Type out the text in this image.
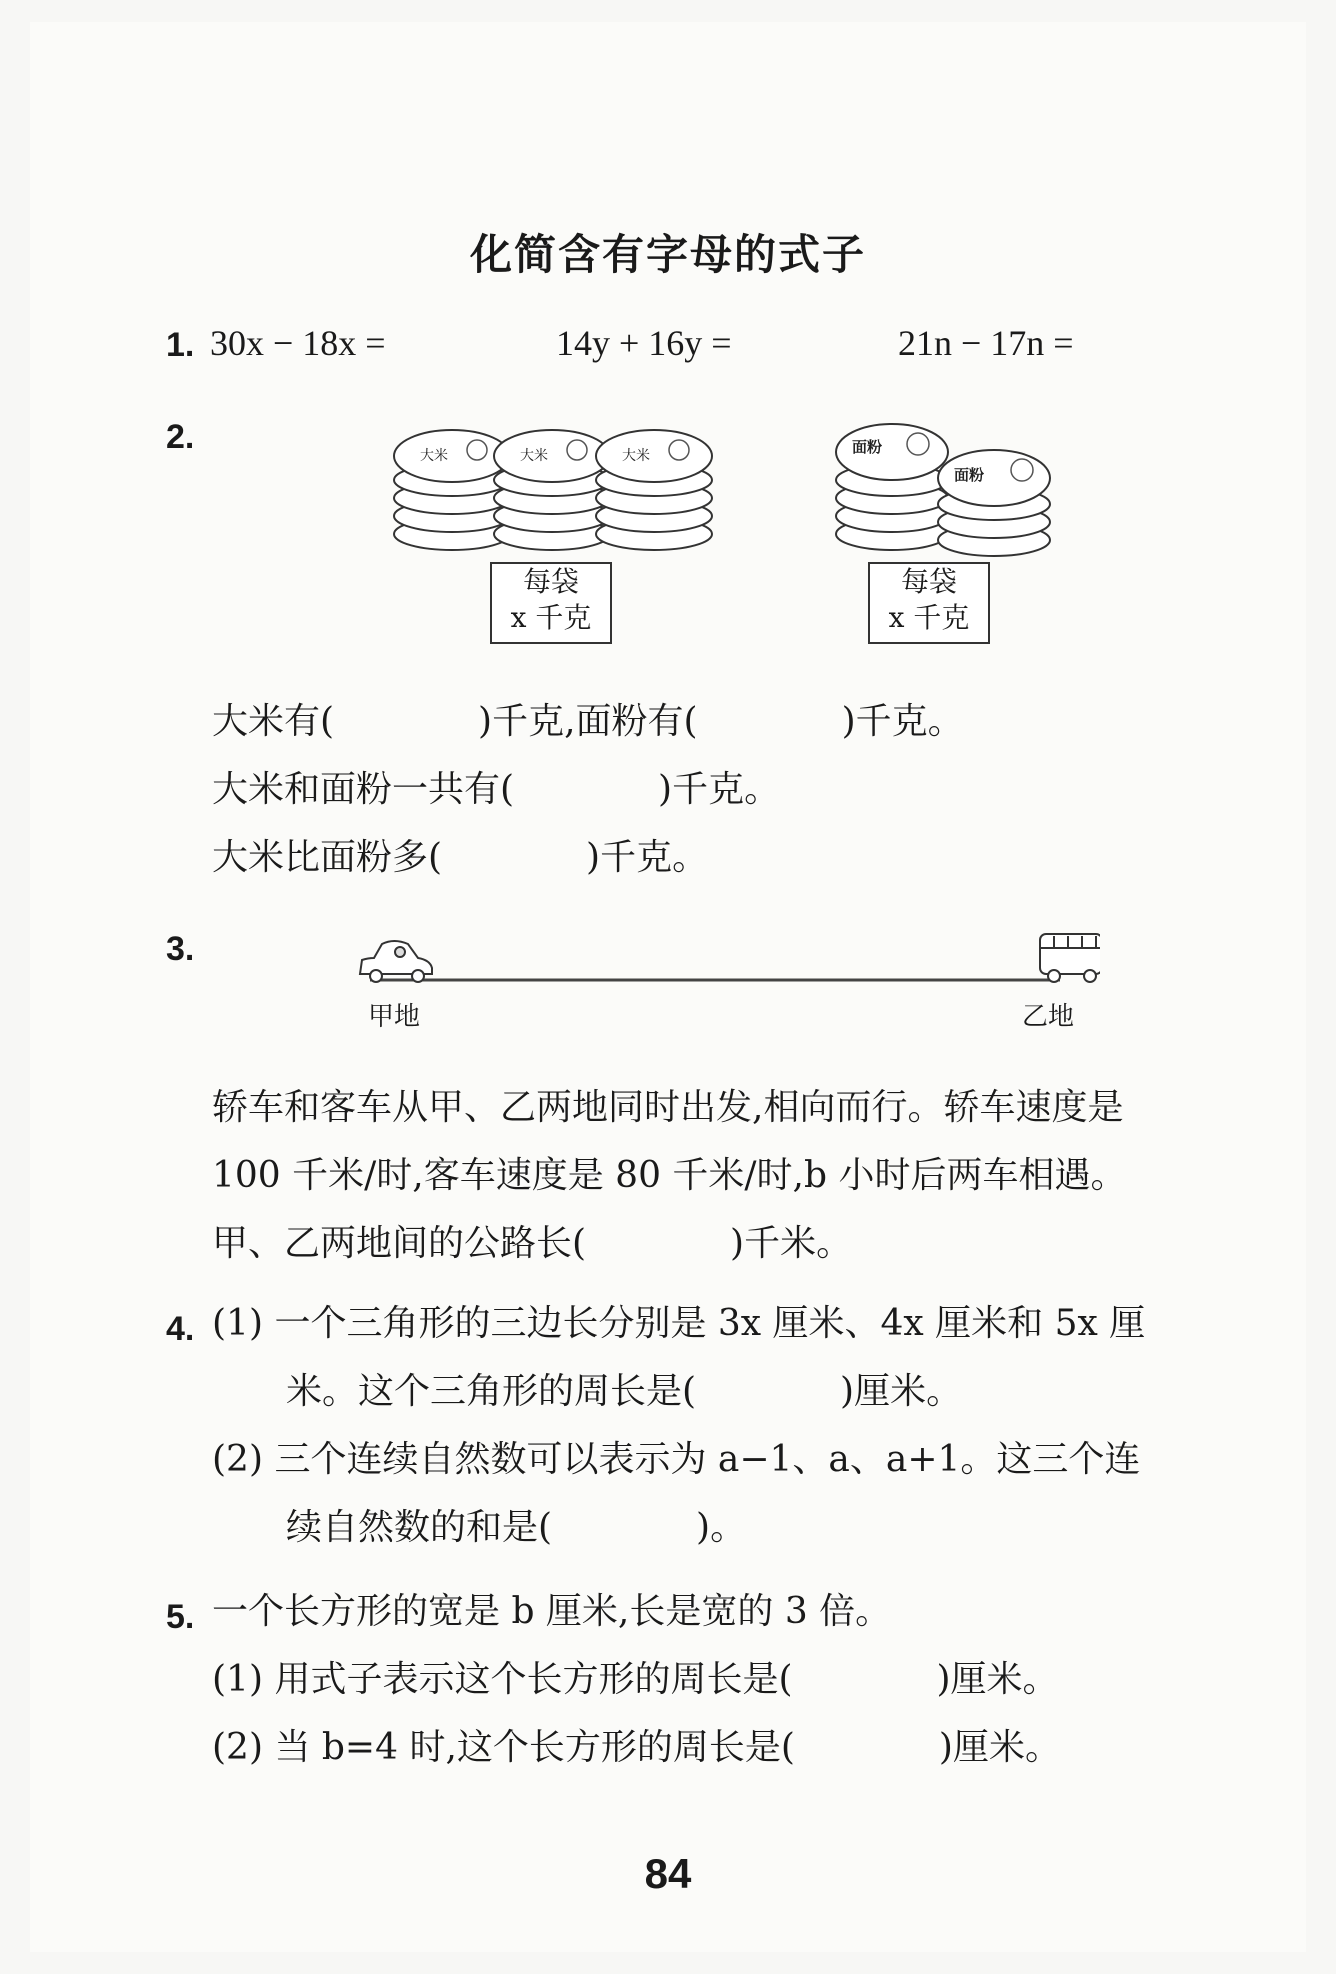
化简含有字母的式子
1. 30x − 18x =	14y + 16y =	21n − 17n =
2.	大米	大米	大米	面粉
面粉
每袋
x 千克
每袋
x 千克
大米有(　　　　)千克,面粉有(　　　　)千克。
大米和面粉一共有(　　　　)千克。
大米比面粉多(　　　　)千克。
3.
甲地	乙地
轿车和客车从甲、乙两地同时出发,相向而行。轿车速度是
100 千米/时,客车速度是 80 千米/时,b 小时后两车相遇。
甲、乙两地间的公路长(　　　　)千米。
4. (1) 一个三角形的三边长分别是 3x 厘米、4x 厘米和 5x 厘
米。这个三角形的周长是(　　　　)厘米。
(2) 三个连续自然数可以表示为 a−1、a、a+1。这三个连
续自然数的和是(　　　　)。
5. 一个长方形的宽是 b 厘米,长是宽的 3 倍。
(1) 用式子表示这个长方形的周长是(　　　　)厘米。
(2) 当 b=4 时,这个长方形的周长是(　　　　)厘米。
84
